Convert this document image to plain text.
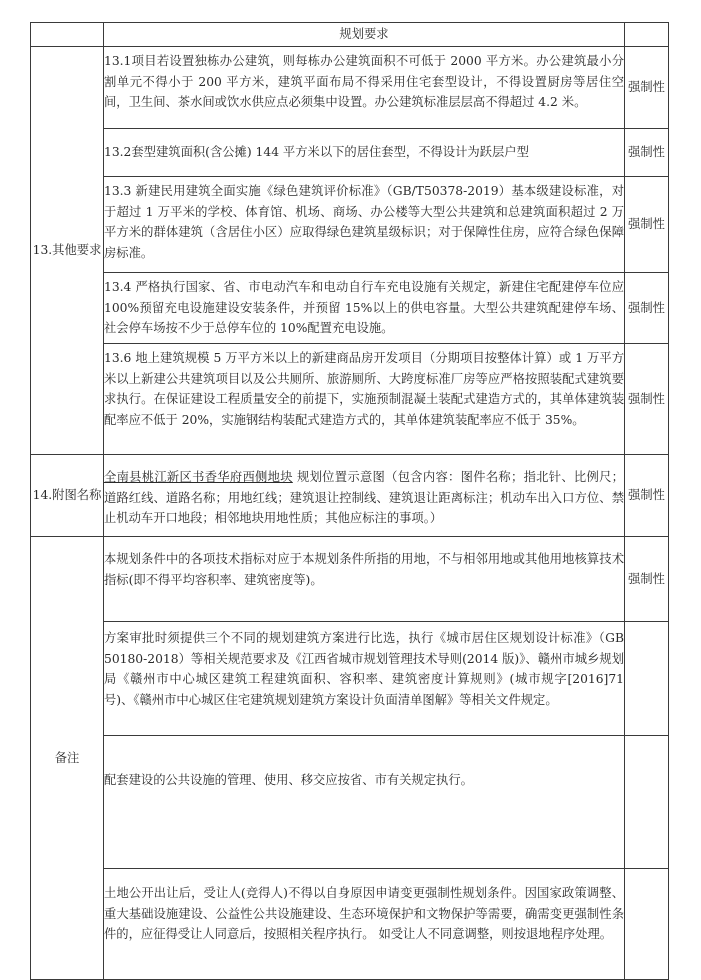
	规划要求	
13.其他要求	13.1项目若设置独栋办公建筑，则每栋办公建筑面积不可低于 2000 平方米。办公建筑最小分割单元不得小于 200 平方米，建筑平面布局不得采用住宅套型设计，不得设置厨房等居住空间，卫生间、茶水间或饮水供应点必须集中设置。办公建筑标准层层高不得超过 4.2 米。	强制性
	13.2套型建筑面积(含公摊) 144 平方米以下的居住套型，不得设计为跃层户型	强制性
	13.3 新建民用建筑全面实施《绿色建筑评价标准》（GB/T50378-2019）基本级建设标准，对于超过 1 万平米的学校、体育馆、机场、商场、办公楼等大型公共建筑和总建筑面积超过 2 万平方米的群体建筑（含居住小区）应取得绿色建筑星级标识；对于保障性住房，应符合绿色保障房标准。	强制性
	13.4 严格执行国家、省、市电动汽车和电动自行车充电设施有关规定，新建住宅配建停车位应 100%预留充电设施建设安装条件，并预留 15%以上的供电容量。大型公共建筑配建停车场、社会停车场按不少于总停车位的 10%配置充电设施。	强制性
	13.6 地上建筑规模 5 万平方米以上的新建商品房开发项目（分期项目按整体计算）或 1 万平方米以上新建公共建筑项目以及公共厕所、旅游厕所、大跨度标准厂房等应严格按照装配式建筑要求执行。在保证建设工程质量安全的前提下，实施预制混凝土装配式建造方式的，其单体建筑装配率应不低于 20%，实施钢结构装配式建造方式的，其单体建筑装配率应不低于 35%。	强制性
14.附图名称	全南县桃江新区书香华府西侧地块 规划位置示意图（包含内容：图件名称；指北针、比例尺；道路红线、道路名称；用地红线；建筑退让控制线、建筑退让距离标注；机动车出入口方位、禁止机动车开口地段；相邻地块用地性质；其他应标注的事项。）	强制性
备注	本规划条件中的各项技术指标对应于本规划条件所指的用地，不与相邻用地或其他用地核算技术指标(即不得平均容积率、建筑密度等)。	强制性
	方案审批时须提供三个不同的规划建筑方案进行比选，执行《城市居住区规划设计标准》（GB 50180-2018）等相关规范要求及《江西省城市规划管理技术导则(2014 版)》、赣州市城乡规划局《赣州市中心城区建筑工程建筑面积、容积率、建筑密度计算规则》(城市规字[2016]71 号)、《赣州市中心城区住宅建筑规划建筑方案设计负面清单图解》等相关文件规定。	
	配套建设的公共设施的管理、使用、移交应按省、市有关规定执行。	
	土地公开出让后，受让人(竞得人)不得以自身原因申请变更强制性规划条件。因国家政策调整、重大基础设施建设、公益性公共设施建设、生态环境保护和文物保护等需要，确需变更强制性条件的，应征得受让人同意后，按照相关程序执行。 如受让人不同意调整，则按退地程序处理。	
